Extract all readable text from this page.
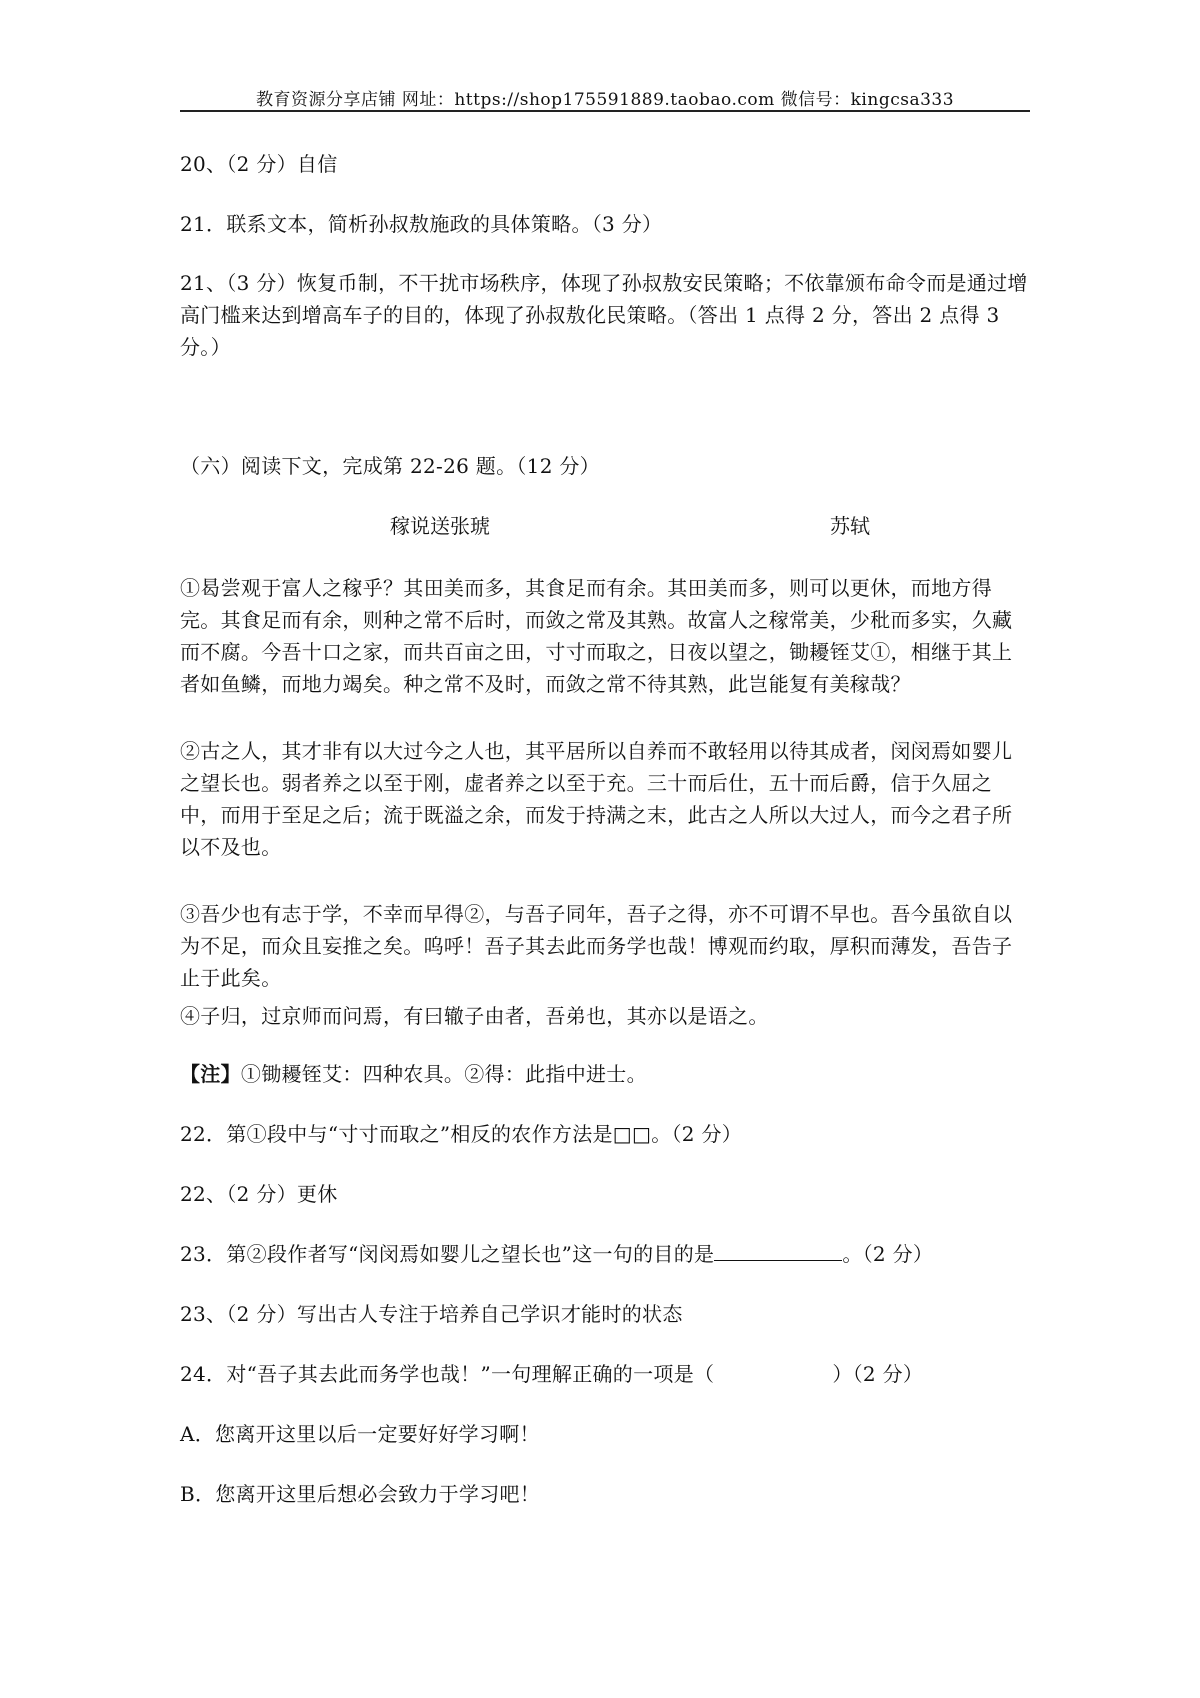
教育资源分享店铺 网址：https://shop175591889.taobao.com 微信号：kingcsa333

20、（2 分）自信

21．联系文本，简析孙叔敖施政的具体策略。（3 分）

21、（3 分）恢复币制，不干扰市场秩序，体现了孙叔敖安民策略；不依靠颁布命令而是通过增高门槛来达到增高车子的目的，体现了孙叔敖化民策略。（答出 1 点得 2 分，答出 2 点得 3 分。）

（六）阅读下文，完成第 22-26 题。（12 分）

稼说送张琥	苏轼

①曷尝观于富人之稼乎？其田美而多，其食足而有余。其田美而多，则可以更休，而地方得完。其食足而有余，则种之常不后时，而敛之常及其熟。故富人之稼常美，少秕而多实，久藏而不腐。今吾十口之家，而共百亩之田，寸寸而取之，日夜以望之，锄耰铚艾①，相继于其上者如鱼鳞，而地力竭矣。种之常不及时，而敛之常不待其熟，此岂能复有美稼哉？

②古之人，其才非有以大过今之人也，其平居所以自养而不敢轻用以待其成者，闵闵焉如婴儿之望长也。弱者养之以至于刚，虚者养之以至于充。三十而后仕，五十而后爵，信于久屈之中，而用于至足之后；流于既溢之余，而发于持满之末，此古之人所以大过人，而今之君子所以不及也。

③吾少也有志于学，不幸而早得②，与吾子同年，吾子之得，亦不可谓不早也。吾今虽欲自以为不足，而众且妄推之矣。呜呼！吾子其去此而务学也哉！博观而约取，厚积而薄发，吾告子止于此矣。

④子归，过京师而问焉，有曰辙子由者，吾弟也，其亦以是语之。

【注】①锄耰铚艾：四种农具。②得：此指中进士。

22．第①段中与“寸寸而取之”相反的农作方法是□□。（2 分）

22、（2 分）更休

23．第②段作者写“闵闵焉如婴儿之望长也”这一句的目的是	。（2 分）

23、（2 分）写出古人专注于培养自己学识才能时的状态

24．对“吾子其去此而务学也哉！”一句理解正确的一项是（	）（2 分）

A．您离开这里以后一定要好好学习啊！

B．您离开这里后想必会致力于学习吧！
